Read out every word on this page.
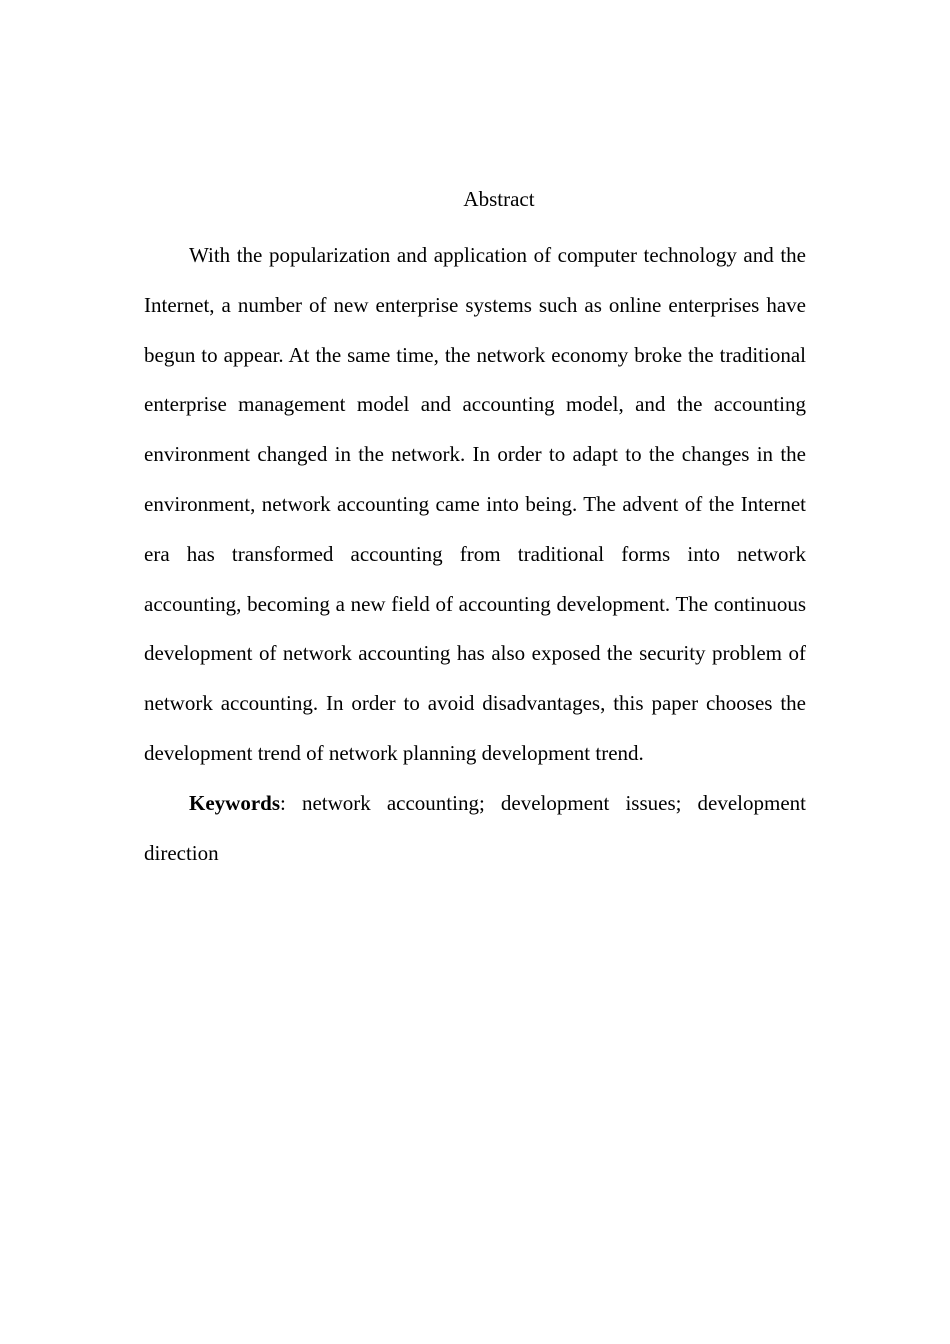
Abstract

With the popularization and application of computer technology and the Internet, a number of new enterprise systems such as online enterprises have begun to appear. At the same time, the network economy broke the traditional enterprise management model and accounting model, and the accounting environment changed in the network. In order to adapt to the changes in the environment, network accounting came into being. The advent of the Internet era has transformed accounting from traditional forms into network accounting, becoming a new field of accounting development. The continuous development of network accounting has also exposed the security problem of network accounting. In order to avoid disadvantages, this paper chooses the development trend of network planning development trend.

Keywords: network accounting; development issues; development direction
